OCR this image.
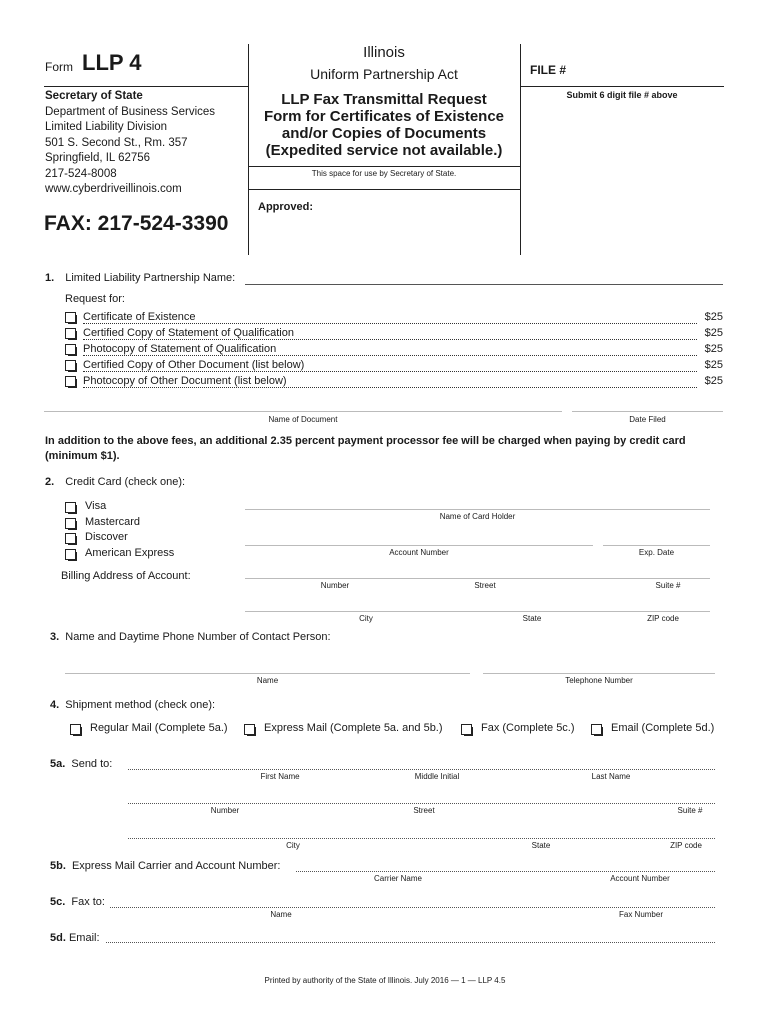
Form LLP 4
Secretary of State
Department of Business Services
Limited Liability Division
501 S. Second St., Rm. 357
Springfield, IL 62756
217-524-8008
www.cyberdriveillinois.com
FAX: 217-524-3390
Illinois
Uniform Partnership Act
LLP Fax Transmittal Request
Form for Certificates of Existence
and/or Copies of Documents
(Expedited service not available.)
This space for use by Secretary of State.
Approved:
FILE #
Submit 6 digit file # above
1. Limited Liability Partnership Name:
Request for:
Certificate of Existence	$25
Certified Copy of Statement of Qualification	$25
Photocopy of Statement of Qualification	$25
Certified Copy of Other Document (list below)	$25
Photocopy of Other Document (list below)	$25
Name of Document	Date Filed
In addition to the above fees, an additional 2.35 percent payment processor fee will be charged when paying by credit card (minimum $1).
2. Credit Card (check one):
Visa
Mastercard
Discover
American Express
Name of Card Holder
Account Number	Exp. Date
Billing Address of Account:
Number	Street	Suite #
City	State	ZIP code
3. Name and Daytime Phone Number of Contact Person:
Name	Telephone Number
4. Shipment method (check one):
Regular Mail (Complete 5a.)	Express Mail (Complete 5a. and 5b.)	Fax (Complete 5c.)	Email (Complete 5d.)
5a. Send to:
First Name	Middle Initial	Last Name
Number	Street	Suite #
City	State	ZIP code
5b. Express Mail Carrier and Account Number:
Carrier Name	Account Number
5c. Fax to:
Name	Fax Number
5d. Email:
Printed by authority of the State of Illinois. July 2016 — 1 — LLP 4.5
